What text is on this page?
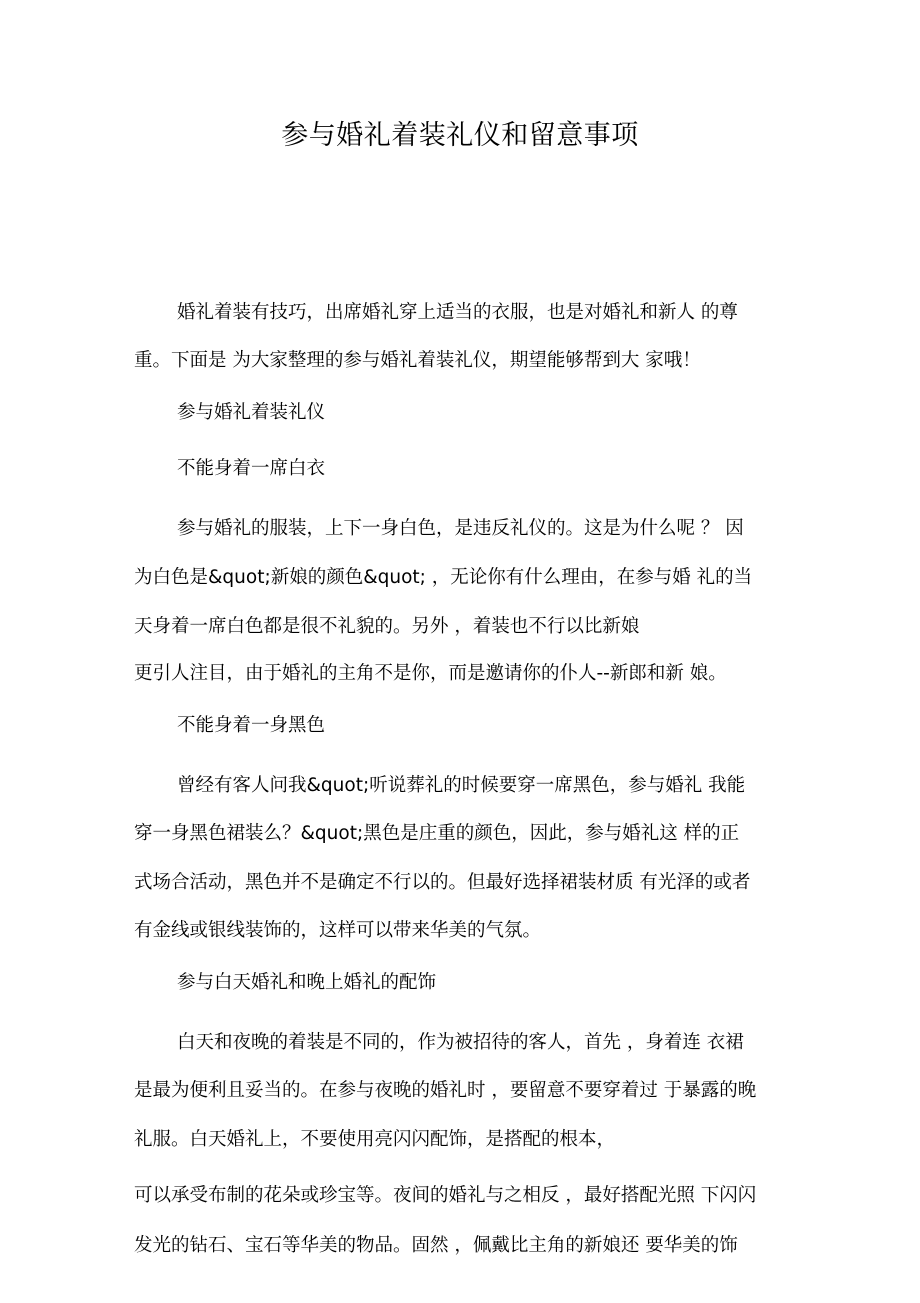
参与婚礼着装礼仪和留意事项
婚礼着装有技巧，出席婚礼穿上适当的衣服，也是对婚礼和新人 的尊
重。下面是 为大家整理的参与婚礼着装礼仪，期望能够帮到大 家哦！
参与婚礼着装礼仪
不能身着一席白衣
参与婚礼的服装，上下一身白色，是违反礼仪的。这是为什么呢 ？ 因
为白色是&quot;新娘的颜色&quot; ，无论你有什么理由，在参与婚 礼的当
天身着一席白色都是很不礼貌的。另外 ，着装也不行以比新娘
更引人注目，由于婚礼的主角不是你，而是邀请你的仆人--新郎和新 娘。
不能身着一身黑色
曾经有客人问我&quot;听说葬礼的时候要穿一席黑色，参与婚礼 我能
穿一身黑色裙装么？&quot;黑色是庄重的颜色，因此，参与婚礼这 样的正
式场合活动，黑色并不是确定不行以的。但最好选择裙装材质 有光泽的或者
有金线或银线装饰的，这样可以带来华美的气氛。
参与白天婚礼和晚上婚礼的配饰
白天和夜晚的着装是不同的，作为被招待的客人，首先 ，身着连 衣裙
是最为便利且妥当的。在参与夜晚的婚礼时 ，要留意不要穿着过 于暴露的晚
礼服。白天婚礼上，不要使用亮闪闪配饰，是搭配的根本，
可以承受布制的花朵或珍宝等。夜间的婚礼与之相反 ，最好搭配光照 下闪闪
发光的钻石、宝石等华美的物品。固然 ，佩戴比主角的新娘还 要华美的饰
